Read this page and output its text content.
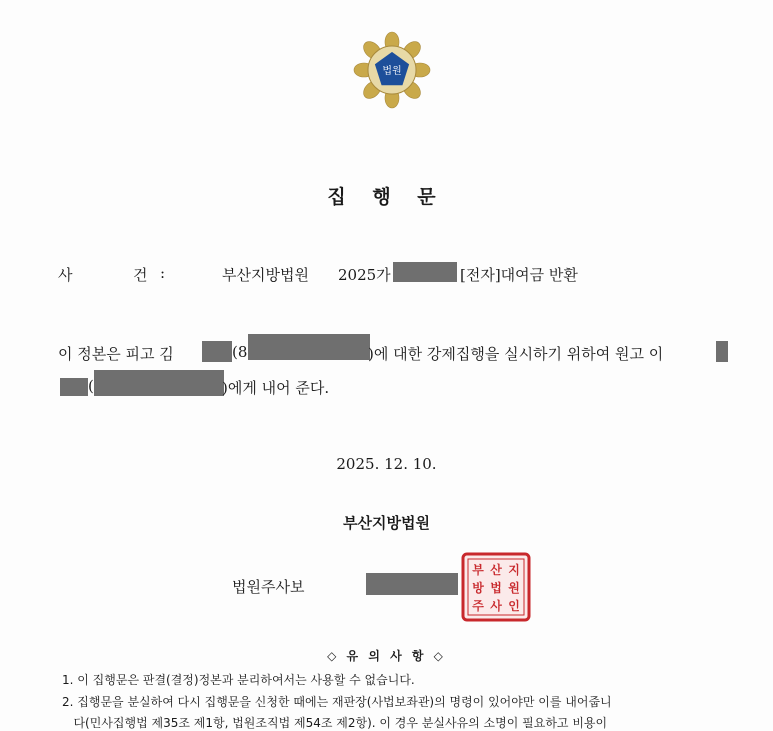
법원
집 행 문
사	건 :	부산지방법원 2025가	[전자]대여금 반환
이 정본은 피고 김	(8	)에 대한 강제집행을 실시하기 위하여 원고 이
(	)에게 내어 준다.
2025. 12. 10.
부산지방법원
법원주사보
부 산 지
방 법 원
주 사 인
◇ 유 의 사 항 ◇
1. 이 집행문은 판결(결정)정본과 분리하여서는 사용할 수 없습니다.
2. 집행문을 분실하여 다시 집행문을 신청한 때에는 재판장(사법보좌관)의 명령이 있어야만 이를 내어줍니
다(민사집행법 제35조 제1항, 법원조직법 제54조 제2항). 이 경우 분실사유의 소명이 필요하고 비용이
